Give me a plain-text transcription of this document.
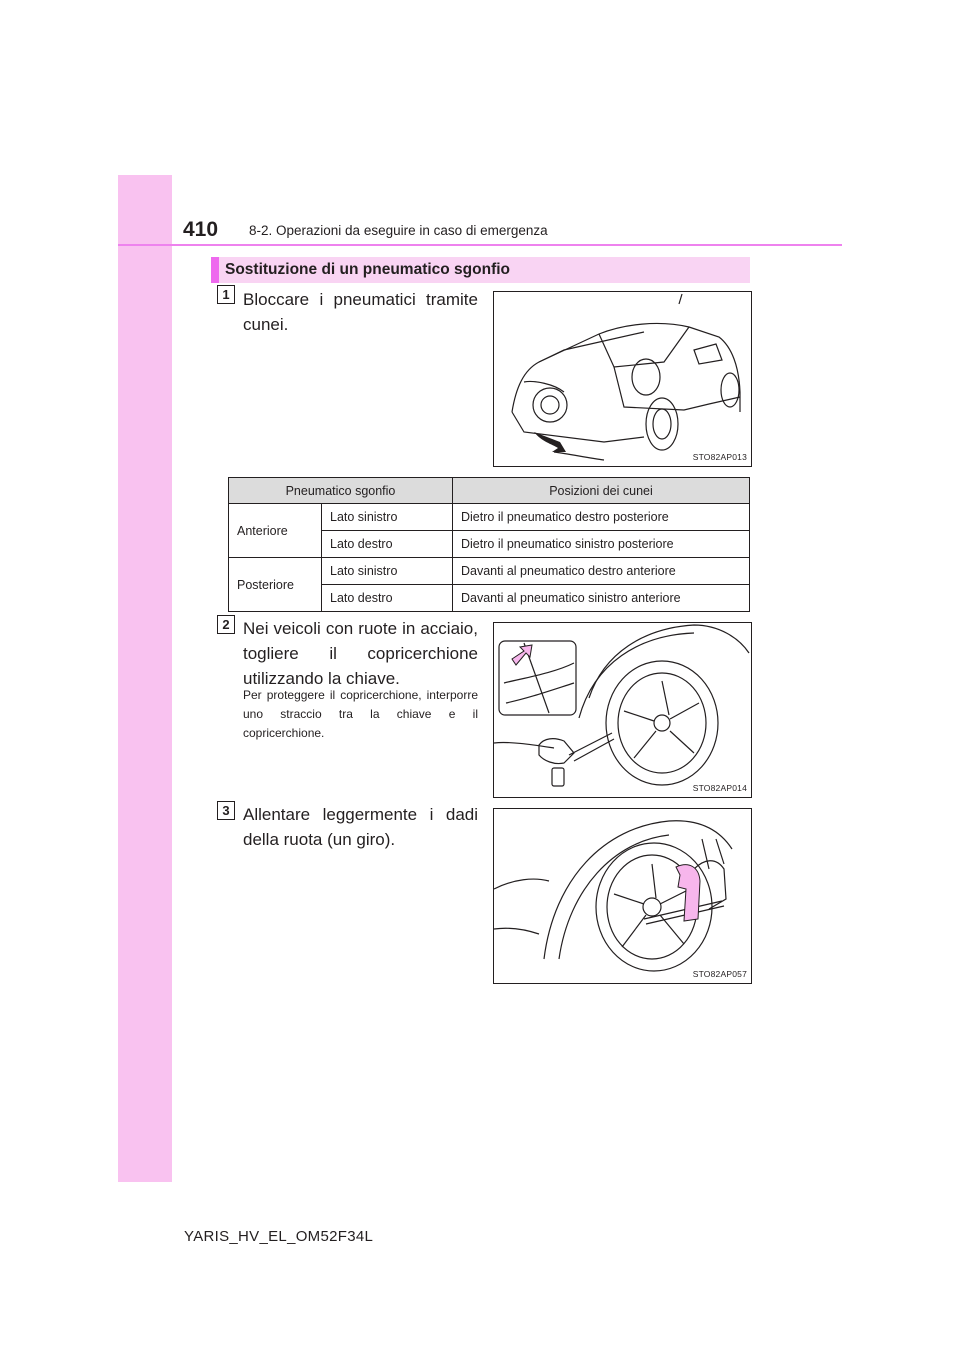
410 8-2. Operazioni da eseguire in caso di emergenza
Sostituzione di un pneumatico sgonfio
1 Bloccare i pneumatici tramite cunei.
STO82AP013
Pneumatico sgonfio		Posizioni dei cunei
Anteriore	Lato sinistro	Dietro il pneumatico destro posteriore
	Lato destro	Dietro il pneumatico sinistro posteriore
Posteriore	Lato sinistro	Davanti al pneumatico destro anteriore
	Lato destro	Davanti al pneumatico sinistro anteriore
2 Nei veicoli con ruote in acciaio, togliere il copricerchione utilizzando la chiave.
Per proteggere il copricerchione, interporre uno straccio tra la chiave e il copricerchione.
STO82AP014
3 Allentare leggermente i dadi della ruota (un giro).
STO82AP057
YARIS_HV_EL_OM52F34L
